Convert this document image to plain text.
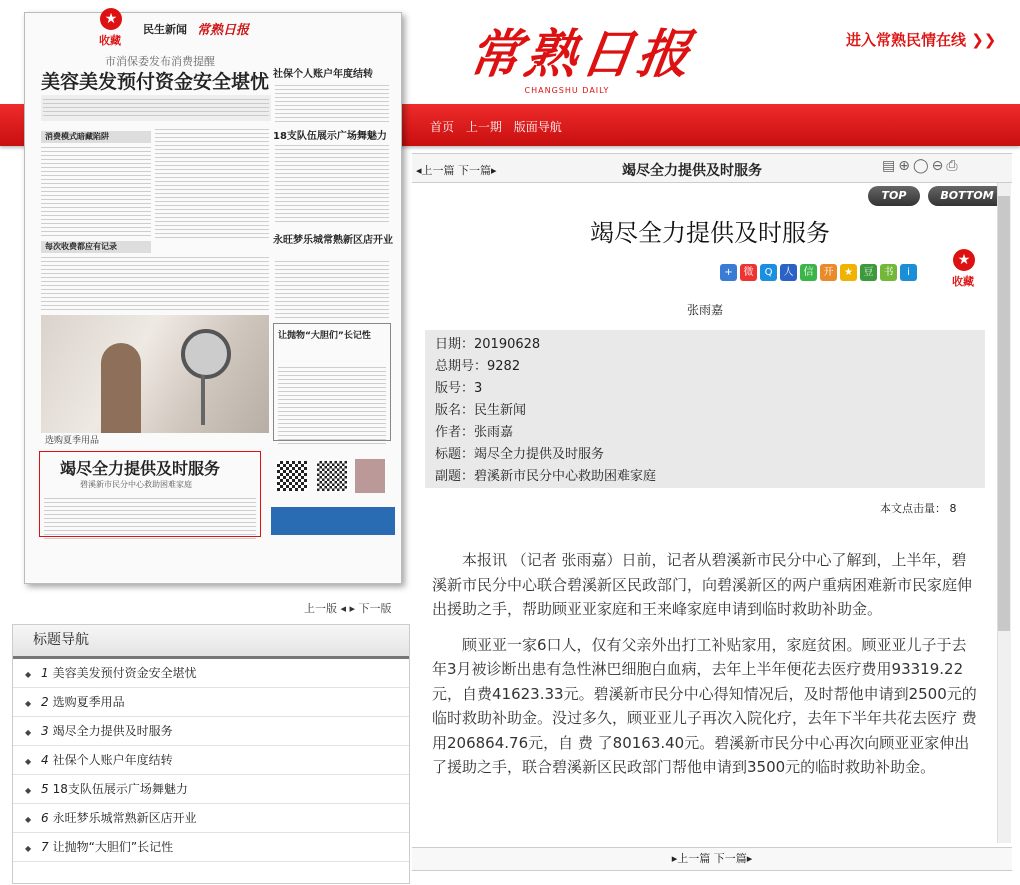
常熟日报
CHANGSHU DAILY
进入常熟民情在线 ❯❯
首页 上一期 版面导航
民生新闻 常熟日报
市消保委发布消费提醒
美容美发预付资金安全堪忧
消费模式暗藏陷阱
每次收费都应有记录
选购夏季用品
社保个人账户年度结转
18支队伍展示广场舞魅力
永旺梦乐城常熟新区店开业
让抛物“大胆们”长记性
竭尽全力提供及时服务
碧溪新市民分中心救助困难家庭
★
收藏
上一版 ◂ ▸ 下一版
标题导航
◆ 1 美容美发预付资金安全堪忧
◆ 2 选购夏季用品
◆ 3 竭尽全力提供及时服务
◆ 4 社保个人账户年度结转
◆ 5 18支队伍展示广场舞魅力
◆ 6 永旺梦乐城常熟新区店开业
◆ 7 让抛物“大胆们”长记性
◂上一篇 下一篇▸	竭尽全力提供及时服务	▤⊕◯⊖⎙
TOP	BOTTOM
竭尽全力提供及时服务
+ 微 Q 人 信 开 ★ 豆 书 i
★
收藏
张雨嘉
日期：20190628
总期号：9282
版号：3
版名：民生新闻
作者：张雨嘉
标题：竭尽全力提供及时服务
副题：碧溪新市民分中心救助困难家庭
本文点击量： 8

本报讯 （记者 张雨嘉）日前，记者从碧溪新市民分中心了解到，上半年，碧溪新市民分中心联合碧溪新区民政部门，向碧溪新区的两户重病困难新市民家庭伸出援助之手，帮助顾亚亚家庭和王来峰家庭申请到临时救助补助金。

顾亚亚一家6口人，仅有父亲外出打工补贴家用，家庭贫困。顾亚亚儿子于去年3月被诊断出患有急性淋巴细胞白血病，去年上半年便花去医疗费用93319.22元，自费41623.33元。碧溪新市民分中心得知情况后，及时帮他申请到2500元的临时救助补助金。没过多久，顾亚亚儿子再次入院化疗，去年下半年共花去医疗 费 用206864.76元，自 费 了80163.40元。碧溪新市民分中心再次向顾亚亚家伸出了援助之手，联合碧溪新区民政部门帮他申请到3500元的临时救助补助金。

▸上一篇 下一篇▸
